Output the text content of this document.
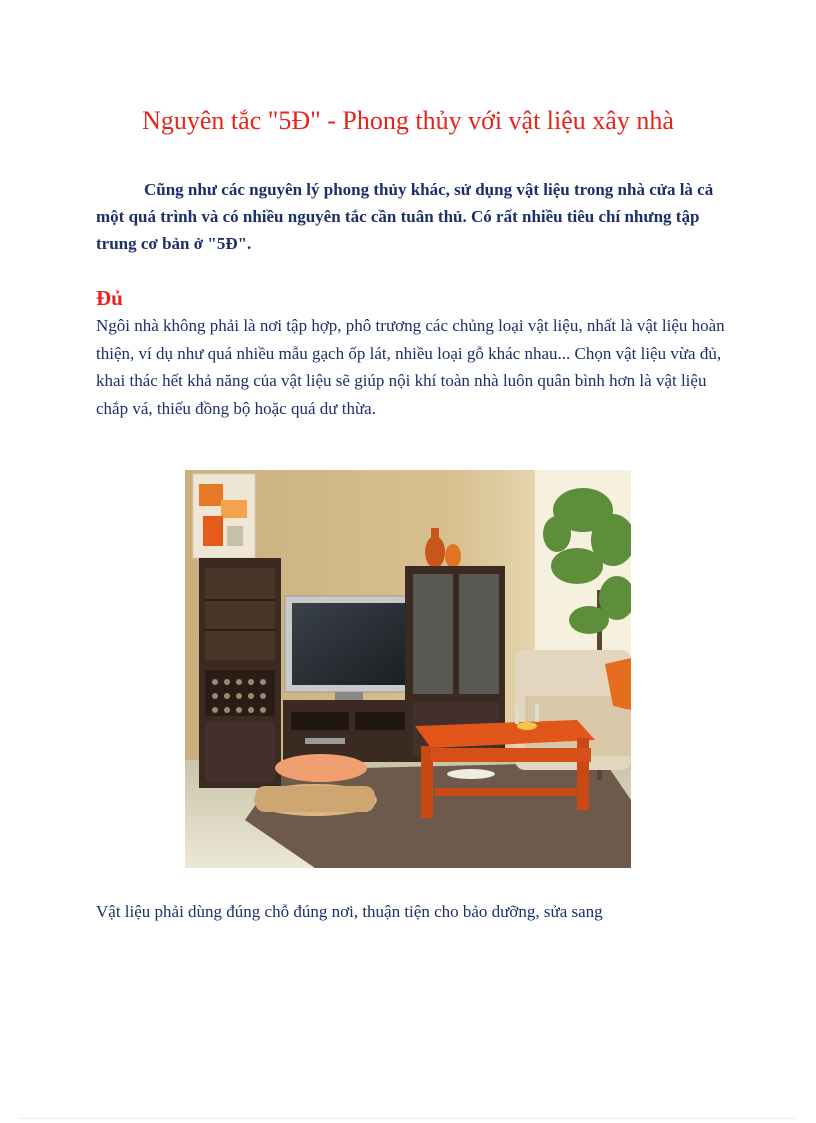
Nguyên tắc "5Đ" - Phong thủy với vật liệu xây nhà

Cũng như các nguyên lý phong thủy khác, sử dụng vật liệu trong nhà cửa là cả một quá trình và có nhiều nguyên tắc cần tuân thủ. Có rất nhiều tiêu chí nhưng tập trung cơ bản ở "5Đ".

Đủ

Ngôi nhà không phải là nơi tập hợp, phô trương các chủng loại vật liệu, nhất là vật liệu hoàn thiện, ví dụ như quá nhiều mẫu gạch ốp lát, nhiều loại gỗ khác nhau... Chọn vật liệu vừa đủ, khai thác hết khả năng của vật liệu sẽ giúp nội khí toàn nhà luôn quân bình hơn là vật liệu chắp vá, thiếu đồng bộ hoặc quá dư thừa.

Vật liệu phải dùng đúng chỗ đúng nơi, thuận tiện cho bảo dưỡng, sửa sang
